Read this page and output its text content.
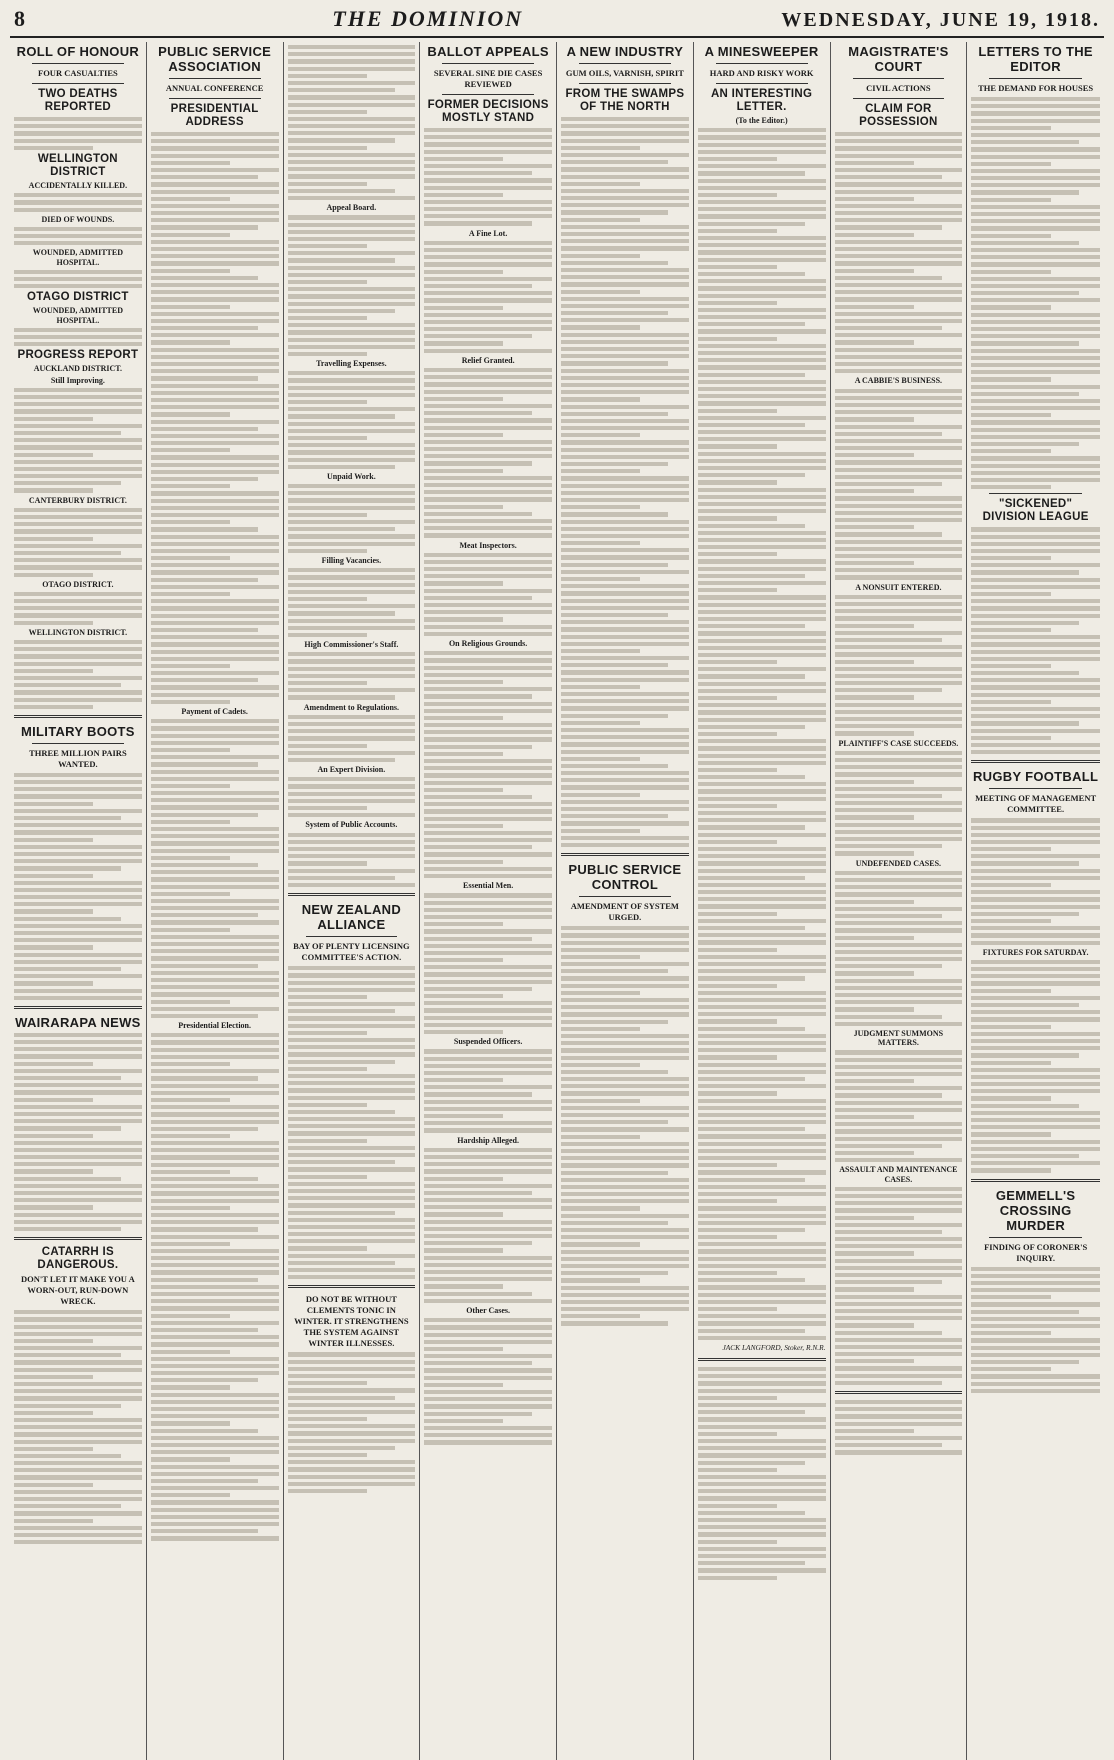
8	THE DOMINION	WEDNESDAY, JUNE 19, 1918.
ROLL OF HONOUR
FOUR CASUALTIES
TWO DEATHS REPORTED
WELLINGTON DISTRICT
ACCIDENTALLY KILLED.
DIED OF WOUNDS.
WOUNDED, ADMITTED HOSPITAL.
OTAGO DISTRICT
WOUNDED, ADMITTED HOSPITAL.
PROGRESS REPORT
AUCKLAND DISTRICT.
Still Improving.
CANTERBURY DISTRICT.
OTAGO DISTRICT.
WELLINGTON DISTRICT.
MILITARY BOOTS
THREE MILLION PAIRS WANTED.
WAIRARAPA NEWS
CATARRH IS DANGEROUS.
DON'T LET IT MAKE YOU A WORN-OUT, RUN-DOWN WRECK.
PUBLIC SERVICE ASSOCIATION
ANNUAL CONFERENCE
PRESIDENTIAL ADDRESS
Payment of Cadets.
Presidential Election.
Appeal Board.
Travelling Expenses.
Unpaid Work.
Filling Vacancies.
High Commissioner's Staff.
Amendment to Regulations.
An Expert Division.
System of Public Accounts.
NEW ZEALAND ALLIANCE
BAY OF PLENTY LICENSING COMMITTEE'S ACTION.
DO NOT BE WITHOUT CLEMENTS TONIC IN WINTER. IT STRENGTHENS THE SYSTEM AGAINST WINTER ILLNESSES.
BALLOT APPEALS
SEVERAL SINE DIE CASES REVIEWED
FORMER DECISIONS MOSTLY STAND
A Fine Lot.
Relief Granted.
Meat Inspectors.
On Religious Grounds.
Essential Men.
Suspended Officers.
Hardship Alleged.
Other Cases.
A NEW INDUSTRY
GUM OILS, VARNISH, SPIRIT
FROM THE SWAMPS OF THE NORTH
PUBLIC SERVICE CONTROL
AMENDMENT OF SYSTEM URGED.
A MINESWEEPER
HARD AND RISKY WORK
AN INTERESTING LETTER.
(To the Editor.)
JACK LANGFORD, Stoker, R.N.R.
MAGISTRATE'S COURT
CIVIL ACTIONS
CLAIM FOR POSSESSION
A CABBIE'S BUSINESS.
A NONSUIT ENTERED.
PLAINTIFF'S CASE SUCCEEDS.
UNDEFENDED CASES.
JUDGMENT SUMMONS MATTERS.
ASSAULT AND MAINTENANCE CASES.
LETTERS TO THE EDITOR
THE DEMAND FOR HOUSES
"SICKENED" DIVISION LEAGUE
RUGBY FOOTBALL
MEETING OF MANAGEMENT COMMITTEE.
FIXTURES FOR SATURDAY.
GEMMELL'S CROSSING MURDER
FINDING OF CORONER'S INQUIRY.
